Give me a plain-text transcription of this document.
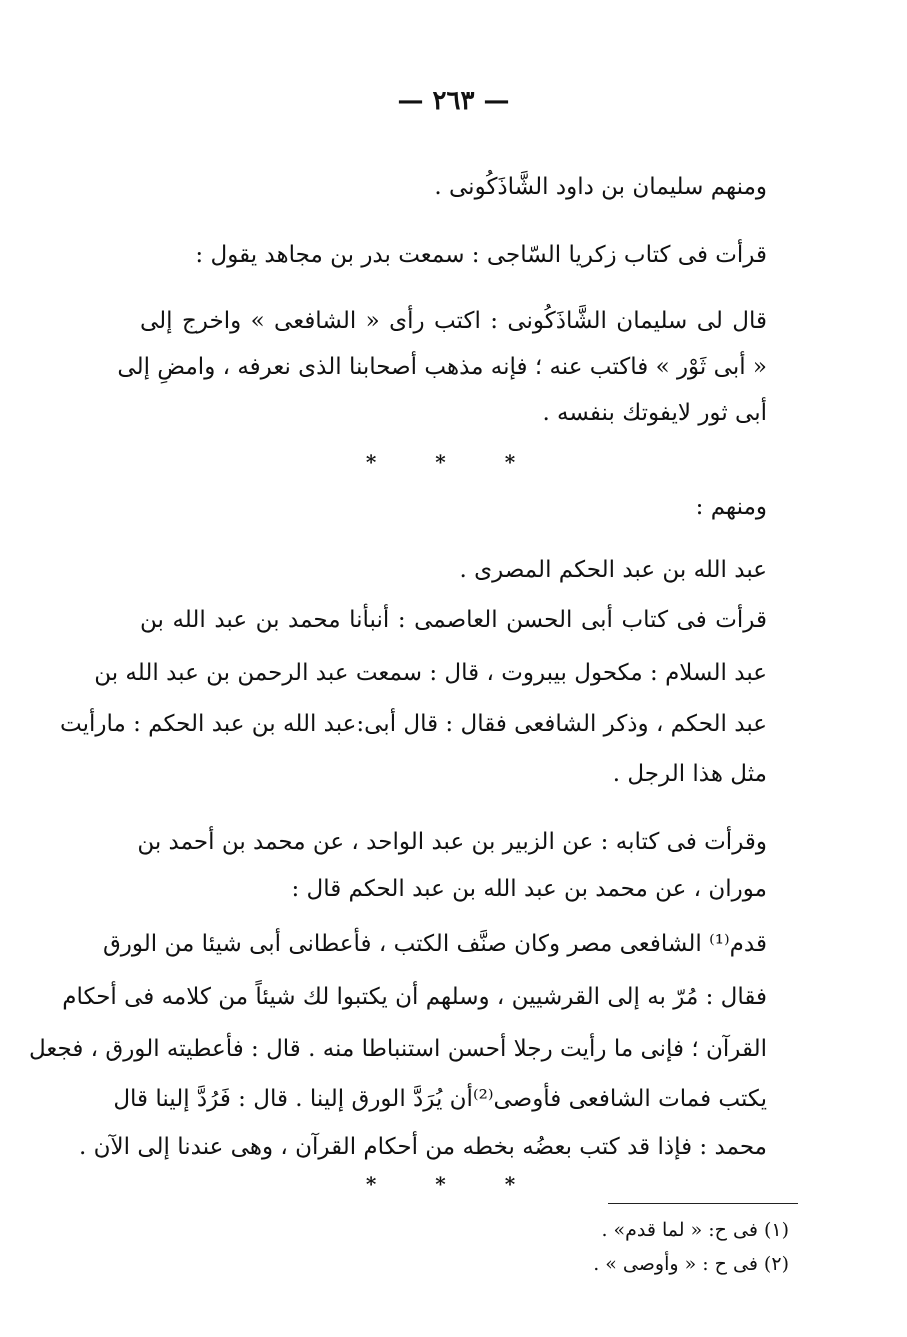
— ٢٦٣ —
ومنهم سليمان بن داود الشَّاذَكُونى .
قرأت فى كتاب زكريا السّاجى : سمعت بدر بن مجاهد يقول :
قال لى سليمان الشَّاذَكُونى : اكتب رأى « الشافعى » واخرج إلى
« أبى ثَوْر » فاكتب عنه ؛ فإنه مذهب أصحابنا الذى نعرفه ، وامضِ إلى
أبى ثور لايفوتك بنفسه .
* * *
ومنهم :
عبد الله بن عبد الحكم المصرى .
قرأت فى كتاب أبى الحسن العاصمى : أنبأنا محمد بن عبد الله بن
عبد السلام : مكحول بيبروت ، قال : سمعت عبد الرحمن بن عبد الله بن
عبد الحكم ، وذكر الشافعى فقال : قال أبى:عبد الله بن عبد الحكم : مارأيت
مثل هذا الرجل .
وقرأت فى كتابه : عن الزبير بن عبد الواحد ، عن محمد بن أحمد بن
موران ، عن محمد بن عبد الله بن عبد الحكم قال :
قدم⁽¹⁾ الشافعى مصر وكان صنَّف الكتب ، فأعطانى أبى شيئا من الورق
فقال : مُرّ به إلى القرشيين ، وسلهم أن يكتبوا لك شيئاً من كلامه فى أحكام
القرآن ؛ فإنى ما رأيت رجلا أحسن استنباطا منه . قال : فأعطيته الورق ، فجعل
يكتب فمات الشافعى فأوصى⁽²⁾أن يُرَدَّ الورق إلينا . قال : فَرُدَّ إلينا قال
محمد : فإذا قد كتب بعضُه بخطه من أحكام القرآن ، وهى عندنا إلى الآن .
* * *
(١) فى ح: « لما قدم» .
(٢) فى ح : « وأوصى » .
